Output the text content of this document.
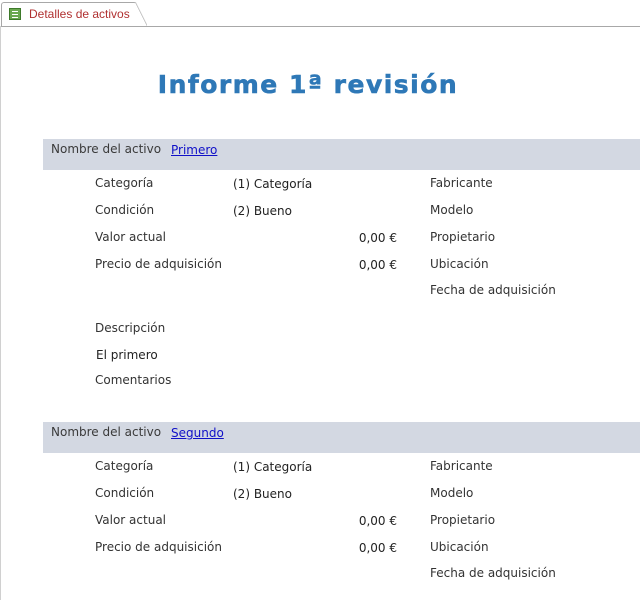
Detalles de activos
Informe 1ª revisión
Nombre del activo Primero
Categoría	(1) Categoría
Condición	(2) Bueno
Valor actual	0,00 €
Precio de adquisición	0,00 €
Fabricante
Modelo
Propietario
Ubicación
Fecha de adquisición
Descripción
El primero
Comentarios
Nombre del activo Segundo
Categoría	(1) Categoría
Condición	(2) Bueno
Valor actual	0,00 €
Precio de adquisición	0,00 €
Fabricante
Modelo
Propietario
Ubicación
Fecha de adquisición
